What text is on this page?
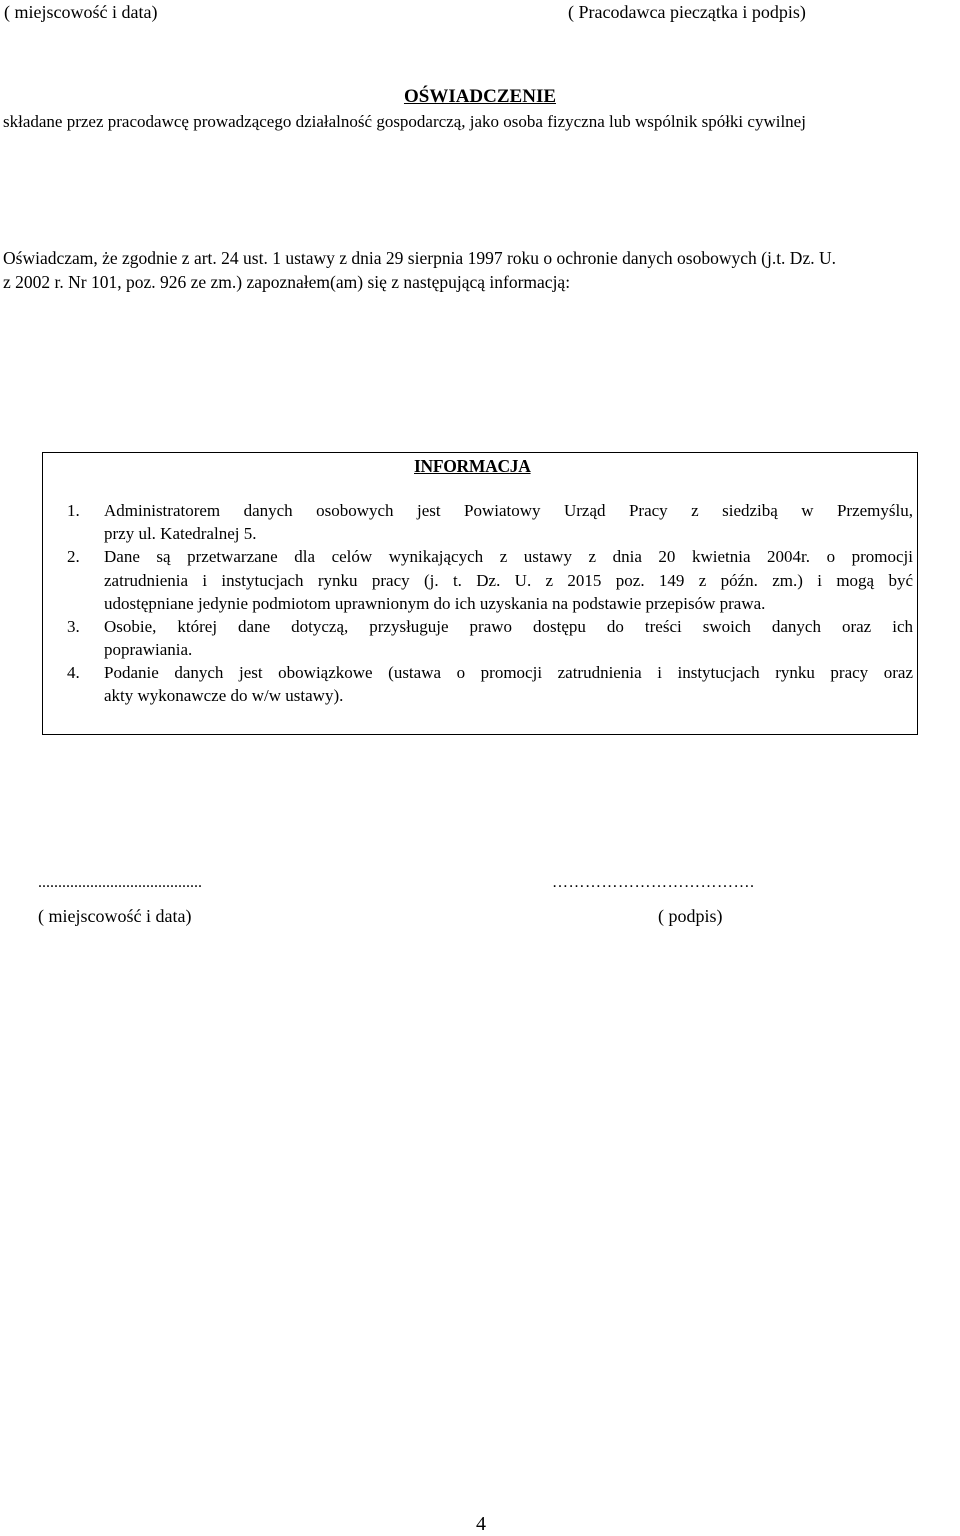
( miejscowość i data)	( Pracodawca pieczątka i podpis)
OŚWIADCZENIE
składane przez pracodawcę prowadzącego działalność gospodarczą, jako osoba fizyczna lub wspólnik spółki cywilnej
Oświadczam, że zgodnie z art. 24 ust. 1 ustawy z dnia 29 sierpnia 1997 roku o ochronie danych osobowych (j.t. Dz. U.
z 2002 r. Nr 101, poz. 926 ze zm.) zapoznałem(am) się z następującą informacją:
INFORMACJA
1. Administratorem danych osobowych jest Powiatowy Urząd Pracy z siedzibą w Przemyślu,
przy ul. Katedralnej 5.
2. Dane są przetwarzane dla celów wynikających z ustawy z dnia 20 kwietnia 2004r. o promocji
zatrudnienia i instytucjach rynku pracy (j. t. Dz. U. z 2015 poz. 149 z późn. zm.) i mogą być
udostępniane jedynie podmiotom uprawnionym do ich uzyskania na podstawie przepisów prawa.
3. Osobie, której dane dotyczą, przysługuje prawo dostępu do treści swoich danych oraz ich
poprawiania.
4. Podanie danych jest obowiązkowe (ustawa o promocji zatrudnienia i instytucjach rynku pracy oraz
akty wykonawcze do w/w ustawy).
.........................................	……………………………….
( miejscowość i data)	( podpis)
4
